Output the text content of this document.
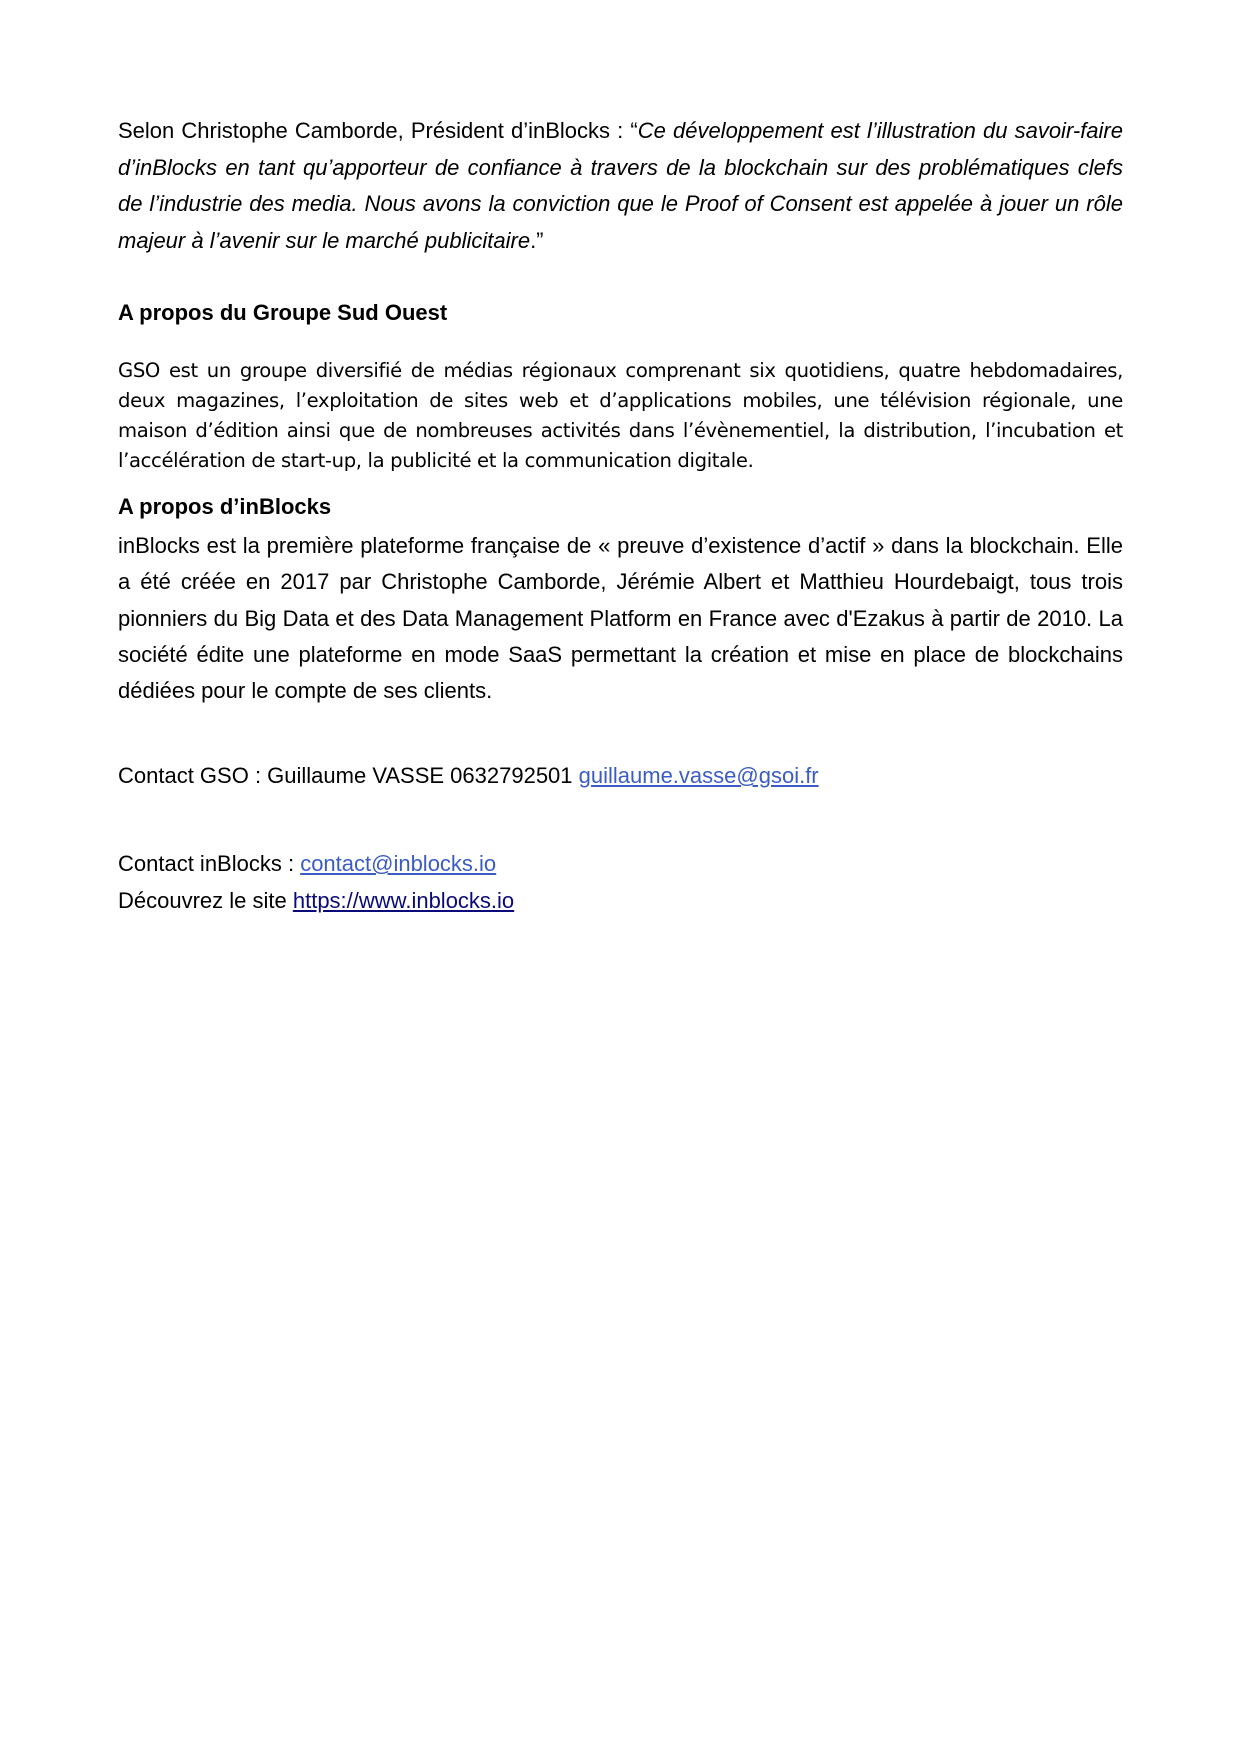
Selon Christophe Camborde, Président d’inBlocks : “Ce développement est l’illustration du savoir-faire d’inBlocks en tant qu’apporteur de confiance à travers de la blockchain sur des problématiques clefs de l’industrie des media. Nous avons la conviction que le Proof of Consent est appelée à jouer un rôle majeur à l’avenir sur le marché publicitaire.”

A propos du Groupe Sud Ouest

GSO est un groupe diversifié de médias régionaux comprenant six quotidiens, quatre hebdomadaires, deux magazines, l’exploitation de sites web et d’applications mobiles, une télévision régionale, une maison d’édition ainsi que de nombreuses activités dans l’évènementiel, la distribution, l’incubation et l’accélération de start-up, la publicité et la communication digitale.

A propos d’inBlocks

inBlocks est la première plateforme française de « preuve d’existence d’actif » dans la blockchain. Elle a été créée en 2017 par Christophe Camborde, Jérémie Albert et Matthieu Hourdebaigt, tous trois pionniers du Big Data et des Data Management Platform en France avec d'Ezakus à partir de 2010. La société édite une plateforme en mode SaaS permettant la création et mise en place de blockchains dédiées pour le compte de ses clients.

Contact GSO : Guillaume VASSE 0632792501 guillaume.vasse@gsoi.fr

Contact inBlocks : contact@inblocks.io

Découvrez le site https://www.inblocks.io
